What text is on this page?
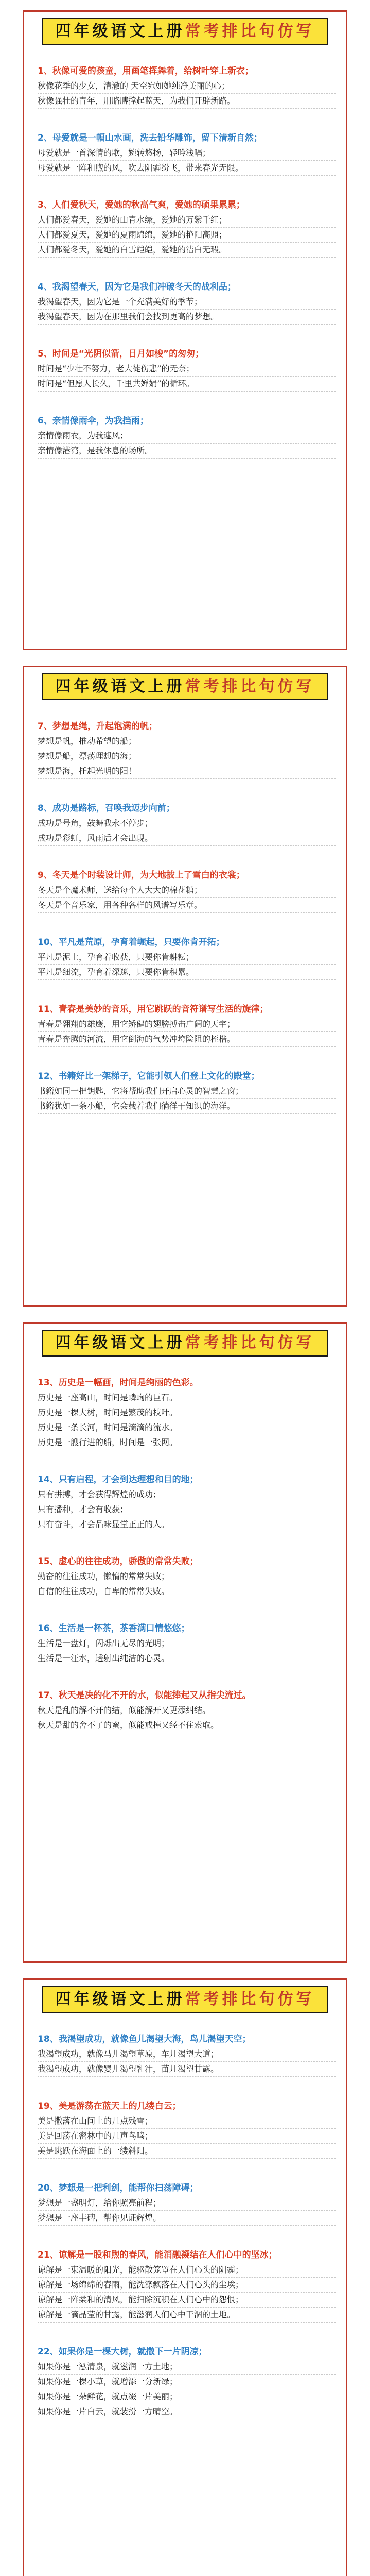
四年级语文上册常考排比句仿写

1、秋像可爱的孩童，用画笔挥舞着，给树叶穿上新衣；

秋像花季的少女，清澈的 天空宛如她纯净美丽的心；

秋像强壮的青年，用胳膊撑起蓝天，为我们开辟新路。

2、母爱就是一幅山水画，洗去铅华雕饰，留下清新自然；

母爱就是一首深情的歌，婉转悠扬，轻吟浅唱；

母爱就是一阵和煦的风，吹去阴霾纷飞，带来春光无限。

3、人们爱秋天，爱她的秋高气爽，爱她的硕果累累；

人们都爱春天，爱她的山青水绿，爱她的万紫千红；

人们都爱夏天，爱她的夏雨绵绵，爱她的艳阳高照；

人们都爱冬天，爱她的白雪皑皑，爱她的洁白无瑕。

4、我渴望春天，因为它是我们冲破冬天的战利品；

我渴望春天，因为它是一个充满美好的季节；

我渴望春天，因为在那里我们会找到更高的梦想。

5、时间是“光阴似箭，日月如梭”的匆匆；

时间是“少壮不努力，老大徒伤悲”的无奈；

时间是“但愿人长久，千里共婵娟”的循环。

6、亲情像雨伞，为我挡雨；

亲情像雨衣，为我遮风；

亲情像港湾，是我休息的场所。

四年级语文上册常考排比句仿写

7、梦想是绳，升起饱满的帆；

梦想是帆，推动希望的船；

梦想是船，漂荡理想的海；

梦想是海，托起光明的阳！

8、成功是路标，召唤我迈步向前；

成功是号角，鼓舞我永不停步；

成功是彩虹，风雨后才会出现。

9、冬天是个时装设计师，为大地披上了雪白的衣裳；

冬天是个魔术师，送给每个人大大的棉花糖；

冬天是个音乐家，用各种各样的风谱写乐章。

10、平凡是荒原，孕育着崛起，只要你肯开拓；

平凡是泥土，孕育着收获，只要你肯耕耘；

平凡是细流，孕育着深邃，只要你肯积累。

11、青春是美妙的音乐，用它跳跃的音符谱写生活的旋律；

青春是翱翔的雄鹰，用它矫健的翅膀搏击广阔的天宇；

青春是奔腾的河流，用它倒海的气势冲垮险阻的桎梏。

12、书籍好比一架梯子，它能引领人们登上文化的殿堂；

书籍如同一把钥匙，它将帮助我们开启心灵的智慧之窗；

书籍犹如一条小船，它会载着我们徜徉于知识的海洋。

四年级语文上册常考排比句仿写

13、历史是一幅画，时间是绚丽的色彩。

历史是一座高山，时间是嶙峋的巨石。

历史是一棵大树，时间是繁茂的枝叶。

历史是一条长河，时间是滴滴的流水。

历史是一艘行进的船，时间是一张网。

14、只有启程，才会到达理想和目的地；

只有拼搏，才会获得辉煌的成功；

只有播种，才会有收获；

只有奋斗，才会品味显堂正正的人。

15、虚心的往往成功，骄傲的常常失败；

勤奋的往往成功，懒惰的常常失败；

自信的往往成功，自卑的常常失败。

16、生活是一杯茶，茶香满口情悠悠；

生活是一盘灯，闪烁出无尽的光明；

生活是一汪水，透射出纯洁的心灵。

17、秋天是决的化不开的水，似能捧起又从指尖流过。

秋天是乱的解不开的结，似能解开又更添纠结。

秋天是甜的舍不了的蜜，似能戒掉又经不住索取。

四年级语文上册常考排比句仿写

18、我渴望成功，就像鱼儿渴望大海，鸟儿渴望天空；

我渴望成功，就像马儿渴望草原，车儿渴望大道；

我渴望成功，就像婴儿渴望乳汁，苗儿渴望甘露。

19、美是游荡在蓝天上的几缕白云；

美是撒落在山间上的几点残雪；

美是回荡在密林中的几声鸟鸣；

美是跳跃在海面上的一缕斜阳。

20、梦想是一把利剑，能帮你扫荡障碍；

梦想是一盏明灯，给你照亮前程；

梦想是一座丰碑，帮你见证辉煌。

21、谅解是一股和煦的春风，能消融凝结在人们心中的坚冰；

谅解是一束温暖的阳光，能驱散笼罩在人们心头的阴霾；

谅解是一场绵绵的春雨，能洗涤飘落在人们心头的尘埃；

谅解是一阵柔和的清风，能扫除沉积在人们心中的怨恨；

谅解是一滴晶莹的甘露，能滋润人们心中干涸的土地。

22、如果你是一棵大树，就撒下一片阴凉；

如果你是一泓清泉，就滋润一方土地；

如果你是一棵小草，就增添一分新绿；

如果你是一朵鲜花，就点缀一片美丽；

如果你是一片白云，就装扮一方晴空。
